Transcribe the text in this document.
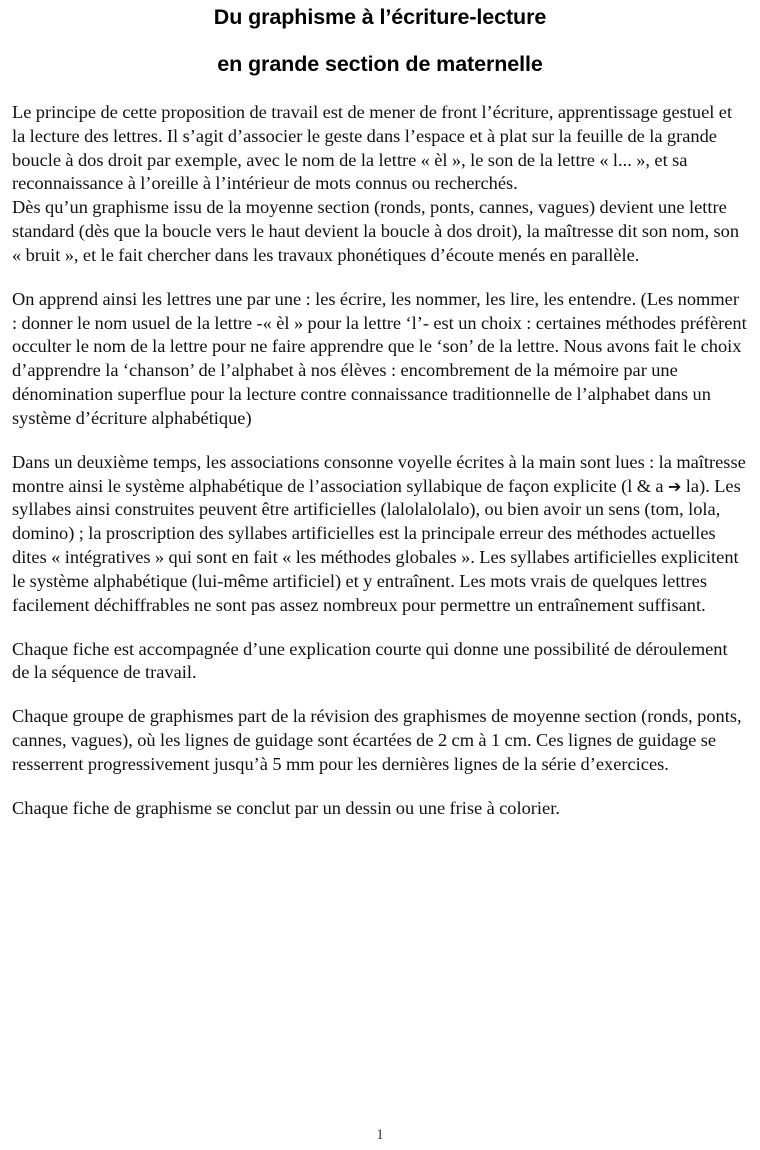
Du graphisme à l’écriture-lecture
en grande section de maternelle

Le principe de cette proposition de travail est de mener de front l’écriture, apprentissage gestuel et la lecture des lettres. Il s’agit d’associer le geste dans l’espace et à plat sur la feuille de la grande boucle à dos droit par exemple, avec le nom de la lettre « èl », le son de la lettre « l... », et sa reconnaissance à l’oreille à l’intérieur de mots connus ou recherchés.

Dès qu’un graphisme issu de la moyenne section (ronds, ponts, cannes, vagues) devient une lettre standard (dès que la boucle vers le haut devient la boucle à dos droit), la maîtresse dit son nom, son « bruit », et le fait chercher dans les travaux phonétiques d’écoute menés en parallèle.

On apprend ainsi les lettres une par une : les écrire, les nommer, les lire, les entendre. (Les nommer : donner le nom usuel de la lettre -« èl » pour la lettre ‘l’- est un choix : certaines méthodes préfèrent occulter le nom de la lettre pour ne faire apprendre que le ‘son’ de la lettre. Nous avons fait le choix d’apprendre la ‘chanson’ de l’alphabet à nos élèves : encombrement de la mémoire par une dénomination superflue pour la lecture contre connaissance traditionnelle de l’alphabet dans un système d’écriture alphabétique)

Dans un deuxième temps, les associations consonne voyelle écrites à la main sont lues : la maîtresse montre ainsi le système alphabétique de l’association syllabique de façon explicite (l & a ➔ la). Les syllabes ainsi construites peuvent être artificielles (lalolalolalo), ou bien avoir un sens (tom, lola, domino) ; la proscription des syllabes artificielles est la principale erreur des méthodes actuelles dites « intégratives » qui sont en fait « les méthodes globales ». Les syllabes artificielles explicitent le système alphabétique (lui-même artificiel) et y entraînent. Les mots vrais de quelques lettres facilement déchiffrables ne sont pas assez nombreux pour permettre un entraînement suffisant.

Chaque fiche est accompagnée d’une explication courte qui donne une possibilité de déroulement de la séquence de travail.

Chaque groupe de graphismes part de la révision des graphismes de moyenne section (ronds, ponts, cannes, vagues), où les lignes de guidage sont écartées de 2 cm à 1 cm. Ces lignes de guidage se resserrent progressivement jusqu’à 5 mm pour les dernières lignes de la série d’exercices.

Chaque fiche de graphisme se conclut par un dessin ou une frise à colorier.

1
